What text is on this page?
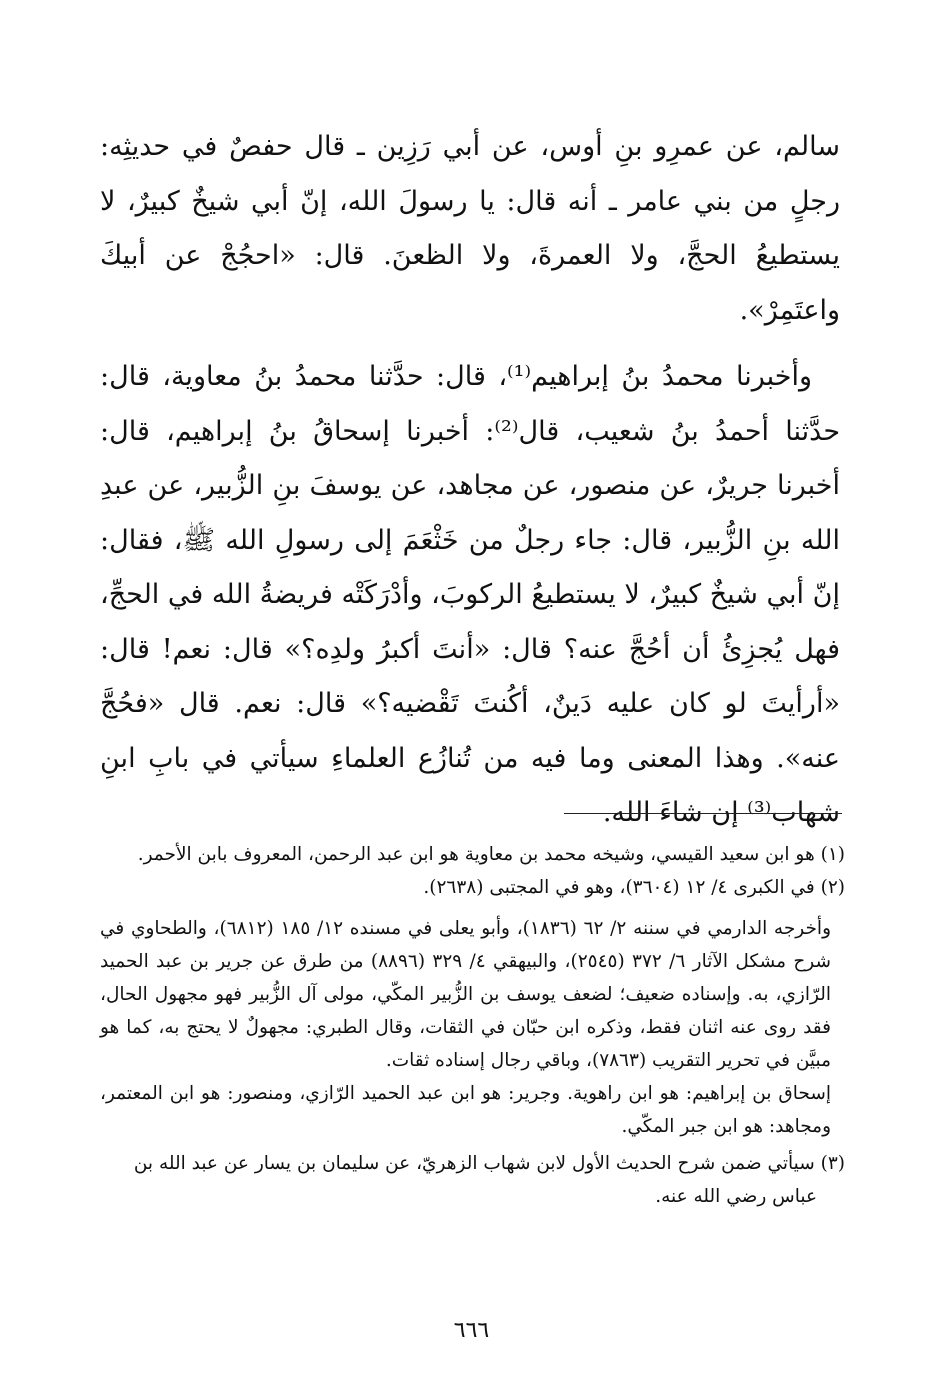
سالم، عن عمرِو بنِ أوس، عن أبي رَزِين ـ قال حفصٌ في حديثِه: رجلٍ من بني عامر ـ أنه قال: يا رسولَ الله، إنّ أبي شيخٌ كبيرٌ، لا يستطيعُ الحجَّ، ولا العمرةَ، ولا الظعنَ. قال: «احجُجْ عن أبيكَ واعتَمِرْ».

وأخبرنا محمدُ بنُ إبراهيم⁽¹⁾، قال: حدَّثنا محمدُ بنُ معاوية، قال: حدَّثنا أحمدُ بنُ شعيب، قال⁽²⁾: أخبرنا إسحاقُ بنُ إبراهيم، قال: أخبرنا جريرٌ، عن منصور، عن مجاهد، عن يوسفَ بنِ الزُّبير، عن عبدِ الله بنِ الزُّبير، قال: جاء رجلٌ من خَثْعَمَ إلى رسولِ الله ﷺ، فقال: إنّ أبي شيخٌ كبيرٌ، لا يستطيعُ الركوبَ، وأدْرَكَتْه فريضةُ الله في الحجِّ، فهل يُجزِئُ أن أحُجَّ عنه؟ قال: «أنتَ أكبرُ ولدِه؟» قال: نعم! قال: «أرأيتَ لو كان عليه دَينٌ، أكُنتَ تَقْضيه؟» قال: نعم. قال «فحُجَّ عنه». وهذا المعنى وما فيه من تُنازُع العلماءِ سيأتي في بابِ ابنِ شهاب⁽³⁾ إن شاءَ الله.

(١) هو ابن سعيد القيسي، وشيخه محمد بن معاوية هو ابن عبد الرحمن، المعروف بابن الأحمر.

(٢) في الكبرى ٤/ ١٢ (٣٦٠٤)، وهو في المجتبى (٢٦٣٨).

وأخرجه الدارمي في سننه ٢/ ٦٢ (١٨٣٦)، وأبو يعلى في مسنده ١٢/ ١٨٥ (٦٨١٢)، والطحاوي في شرح مشكل الآثار ٦/ ٣٧٢ (٢٥٤٥)، والبيهقي ٤/ ٣٢٩ (٨٨٩٦) من طرق عن جرير بن عبد الحميد الرّازي، به. وإسناده ضعيف؛ لضعف يوسف بن الزُّبير المكّي، مولى آل الزُّبير فهو مجهول الحال، فقد روى عنه اثنان فقط، وذكره ابن حبّان في الثقات، وقال الطبري: مجهولٌ لا يحتج به، كما هو مبيَّن في تحرير التقريب (٧٨٦٣)، وباقي رجال إسناده ثقات.

إسحاق بن إبراهيم: هو ابن راهوية. وجرير: هو ابن عبد الحميد الرّازي، ومنصور: هو ابن المعتمر، ومجاهد: هو ابن جبر المكّي.

(٣) سيأتي ضمن شرح الحديث الأول لابن شهاب الزهريّ، عن سليمان بن يسار عن عبد الله بن
عباس رضي الله عنه.

٦٦٦
